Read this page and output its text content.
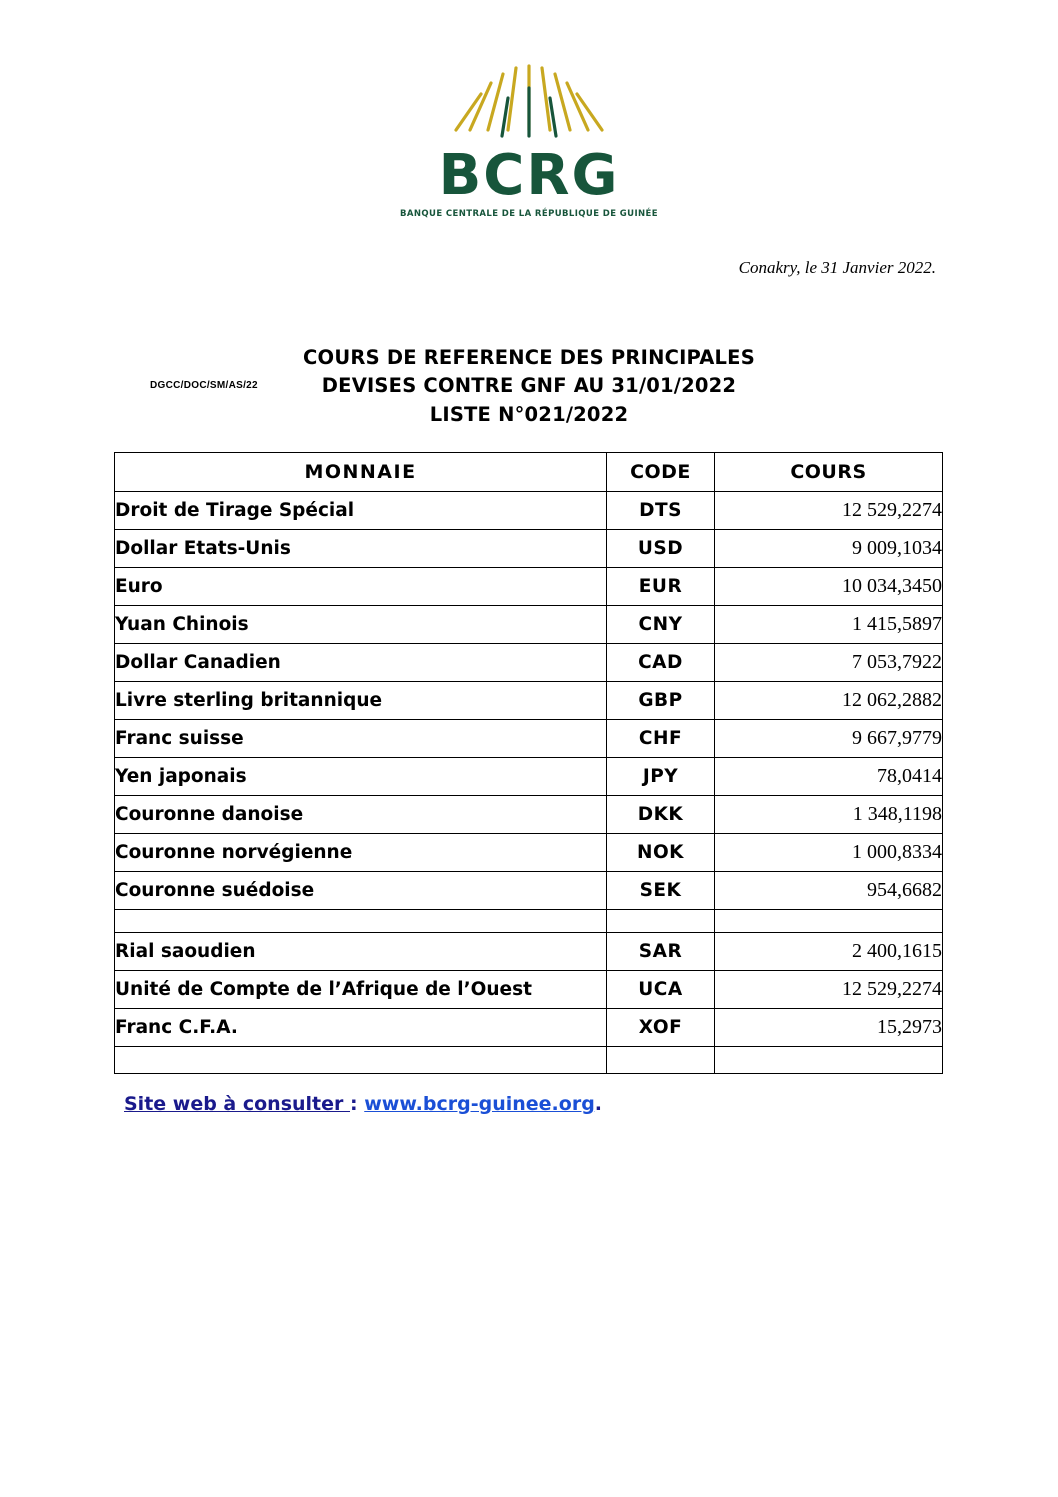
BCRG
BANQUE CENTRALE DE LA RÉPUBLIQUE DE GUINÉE
Conakry, le 31 Janvier 2022.
DGCC/DOC/SM/AS/22
COURS DE REFERENCE DES PRINCIPALES
DEVISES CONTRE GNF AU 31/01/2022
LISTE N°021/2022
MONNAIE	CODE	COURS
Droit de Tirage Spécial	DTS	12 529,2274
Dollar Etats-Unis	USD	9 009,1034
Euro	EUR	10 034,3450
Yuan Chinois	CNY	1 415,5897
Dollar Canadien	CAD	7 053,7922
Livre sterling britannique	GBP	12 062,2882
Franc suisse	CHF	9 667,9779
Yen japonais	JPY	78,0414
Couronne danoise	DKK	1 348,1198
Couronne norvégienne	NOK	1 000,8334
Couronne suédoise	SEK	954,6682

Rial saoudien	SAR	2 400,1615
Unité de Compte de l’Afrique de l’Ouest	UCA	12 529,2274
Franc C.F.A.	XOF	15,2973

Site web à consulter : www.bcrg-guinee.org.
